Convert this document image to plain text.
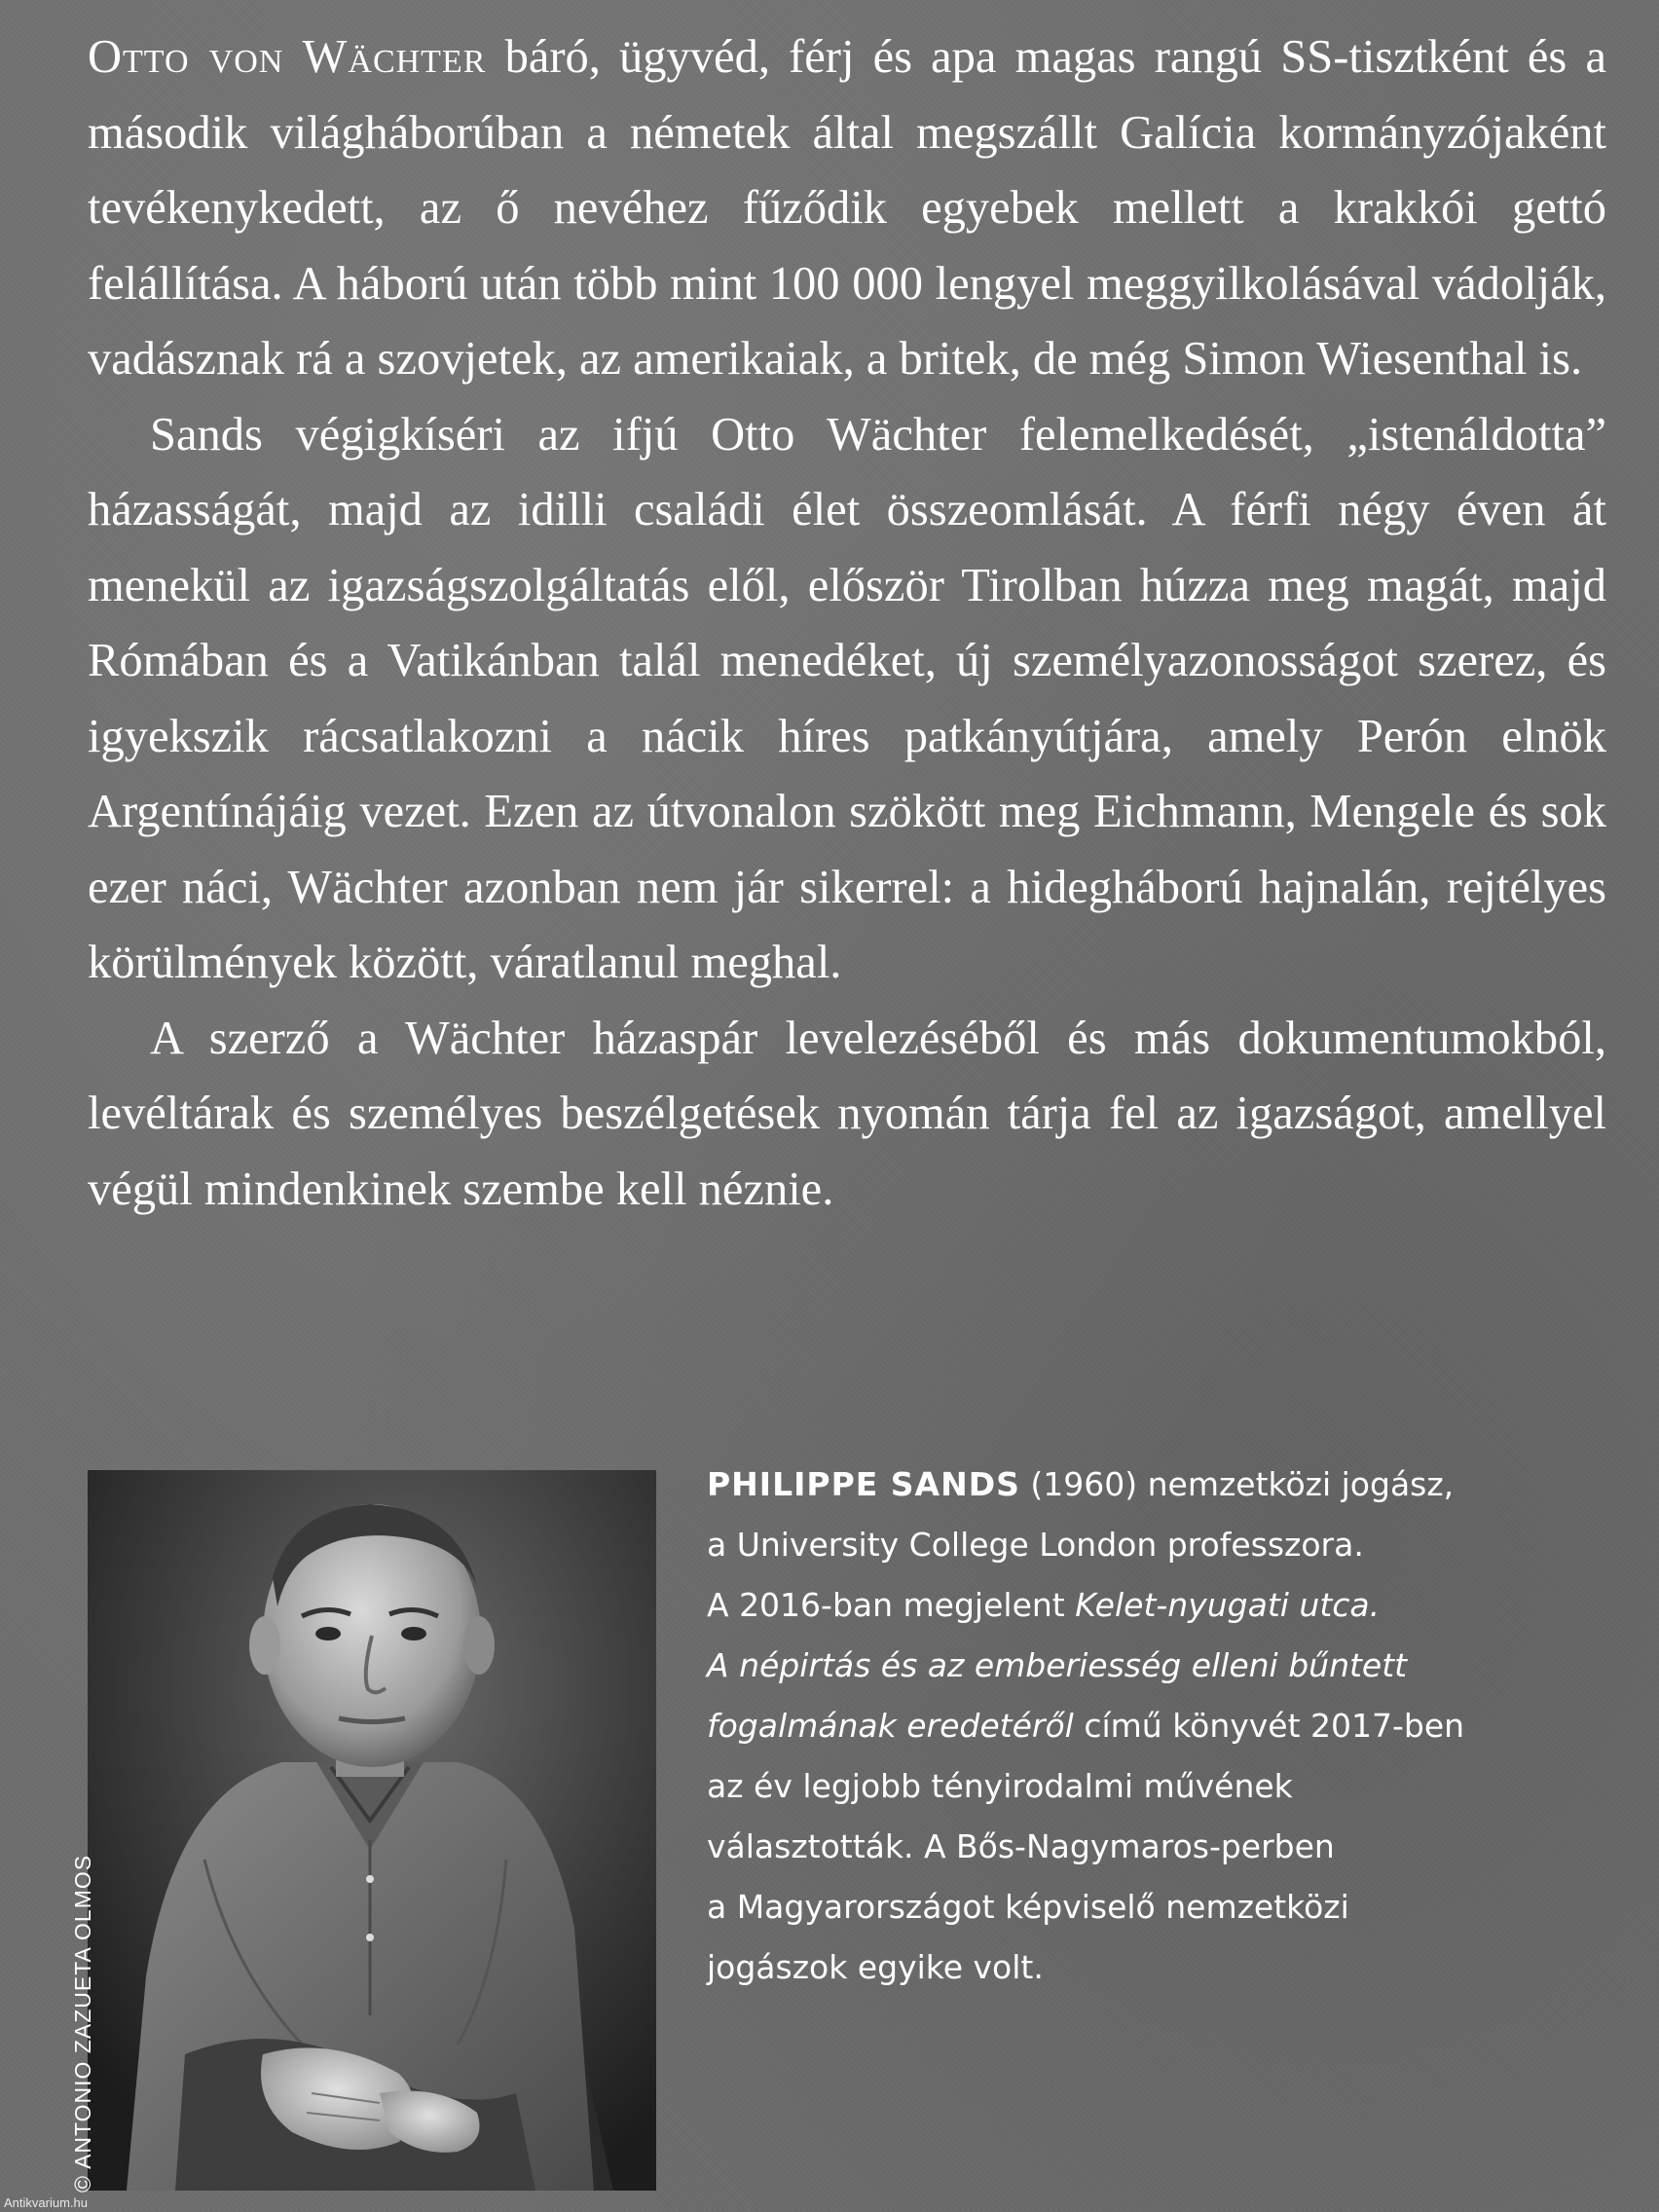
Otto von Wächter báró, ügyvéd, férj és apa magas rangú SS-tisztként és a második világháborúban a németek által megszállt Galícia kormányzójaként tevékenykedett, az ő nevéhez fűződik egyebek mellett a krakkói gettó felállítása. A háború után több mint 100 000 lengyel meggyilkolásával vádolják, vadásznak rá a szovjetek, az amerikaiak, a britek, de még Simon Wiesenthal is.

Sands végigkíséri az ifjú Otto Wächter felemelkedését, „istenáldotta” házasságát, majd az idilli családi élet összeomlását. A férfi négy éven át menekül az igazságszolgáltatás elől, először Tirolban húzza meg magát, majd Rómában és a Vatikánban talál menedéket, új személyazonosságot szerez, és igyekszik rácsatlakozni a nácik híres patkányútjára, amely Perón elnök Argentínájáig vezet. Ezen az útvonalon szökött meg Eichmann, Mengele és sok ezer náci, Wächter azonban nem jár sikerrel: a hidegháború hajnalán, rejtélyes körülmények között, váratlanul meghal.

A szerző a Wächter házaspár levelezéséből és más dokumentumokból, levéltárak és személyes beszélgetések nyomán tárja fel az igazságot, amellyel végül mindenkinek szembe kell néznie.

© ANTONIO ZAZUETA OLMOS
PHILIPPE SANDS (1960) nemzetközi jogász,
a University College London professzora.
A 2016-ban megjelent Kelet-nyugati utca.
A népirtás és az emberiesség elleni bűntett
fogalmának eredetéről című könyvét 2017-ben
az év legjobb tényirodalmi művének
választották. A Bős-Nagymaros-perben
a Magyarországot képviselő nemzetközi
jogászok egyike volt.
Antikvarium.hu
